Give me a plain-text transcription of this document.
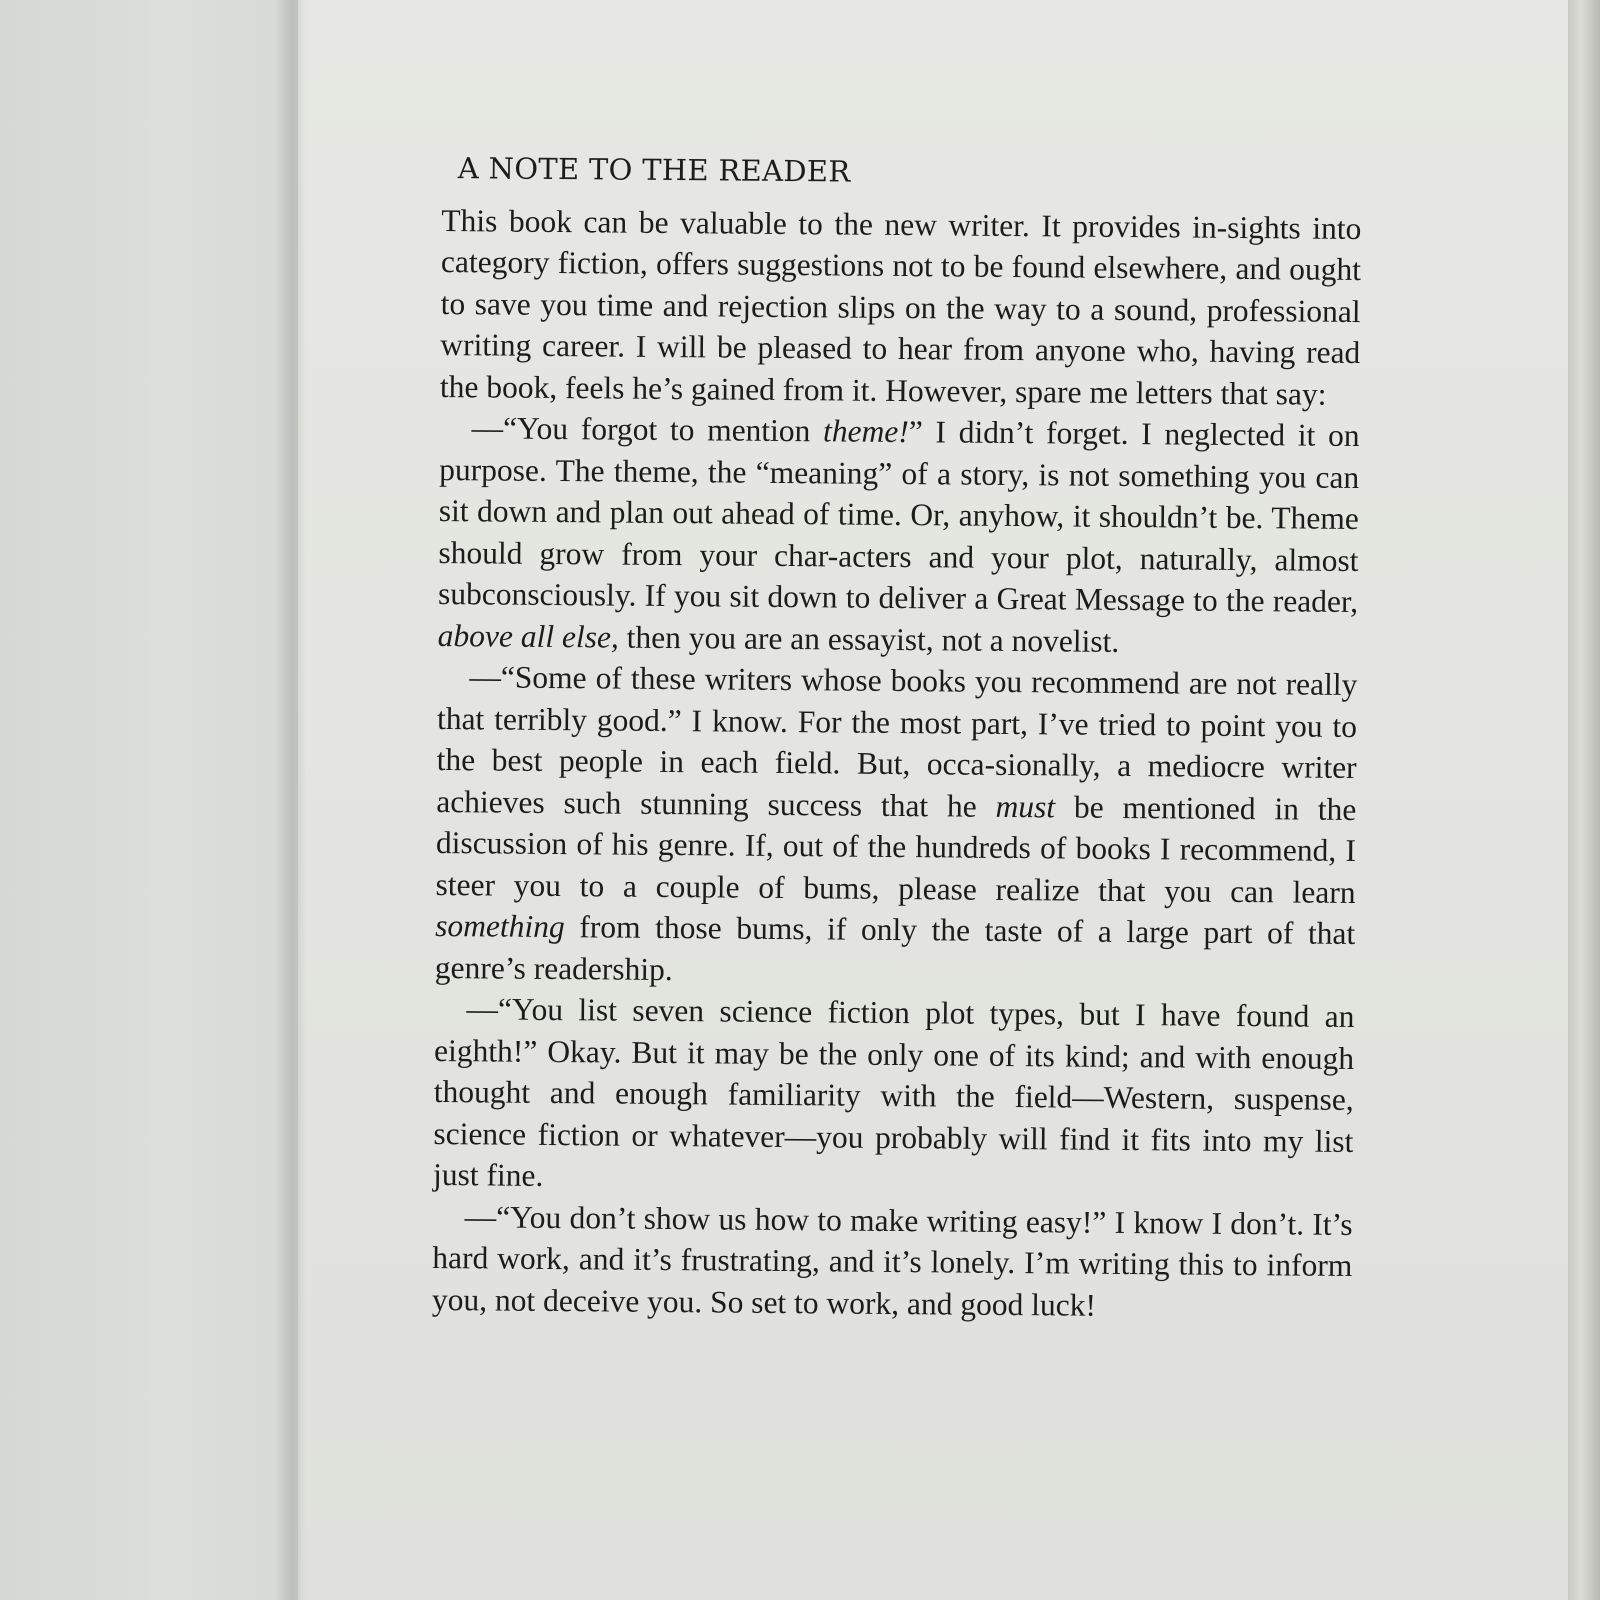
A NOTE TO THE READER

This book can be valuable to the new writer. It provides in-sights into category fiction, offers suggestions not to be found elsewhere, and ought to save you time and rejection slips on the way to a sound, professional writing career. I will be pleased to hear from anyone who, having read the book, feels he’s gained from it. However, spare me letters that say:

—“You forgot to mention theme!” I didn’t forget. I neglected it on purpose. The theme, the “meaning” of a story, is not something you can sit down and plan out ahead of time. Or, anyhow, it shouldn’t be. Theme should grow from your char-acters and your plot, naturally, almost subconsciously. If you sit down to deliver a Great Message to the reader, above all else, then you are an essayist, not a novelist.

—“Some of these writers whose books you recommend are not really that terribly good.” I know. For the most part, I’ve tried to point you to the best people in each field. But, occa-sionally, a mediocre writer achieves such stunning success that he must be mentioned in the discussion of his genre. If, out of the hundreds of books I recommend, I steer you to a couple of bums, please realize that you can learn something from those bums, if only the taste of a large part of that genre’s readership.

—“You list seven science fiction plot types, but I have found an eighth!” Okay. But it may be the only one of its kind; and with enough thought and enough familiarity with the field—Western, suspense, science fiction or whatever—you probably will find it fits into my list just fine.

—“You don’t show us how to make writing easy!” I know I don’t. It’s hard work, and it’s frustrating, and it’s lonely. I’m writing this to inform you, not deceive you. So set to work, and good luck!
